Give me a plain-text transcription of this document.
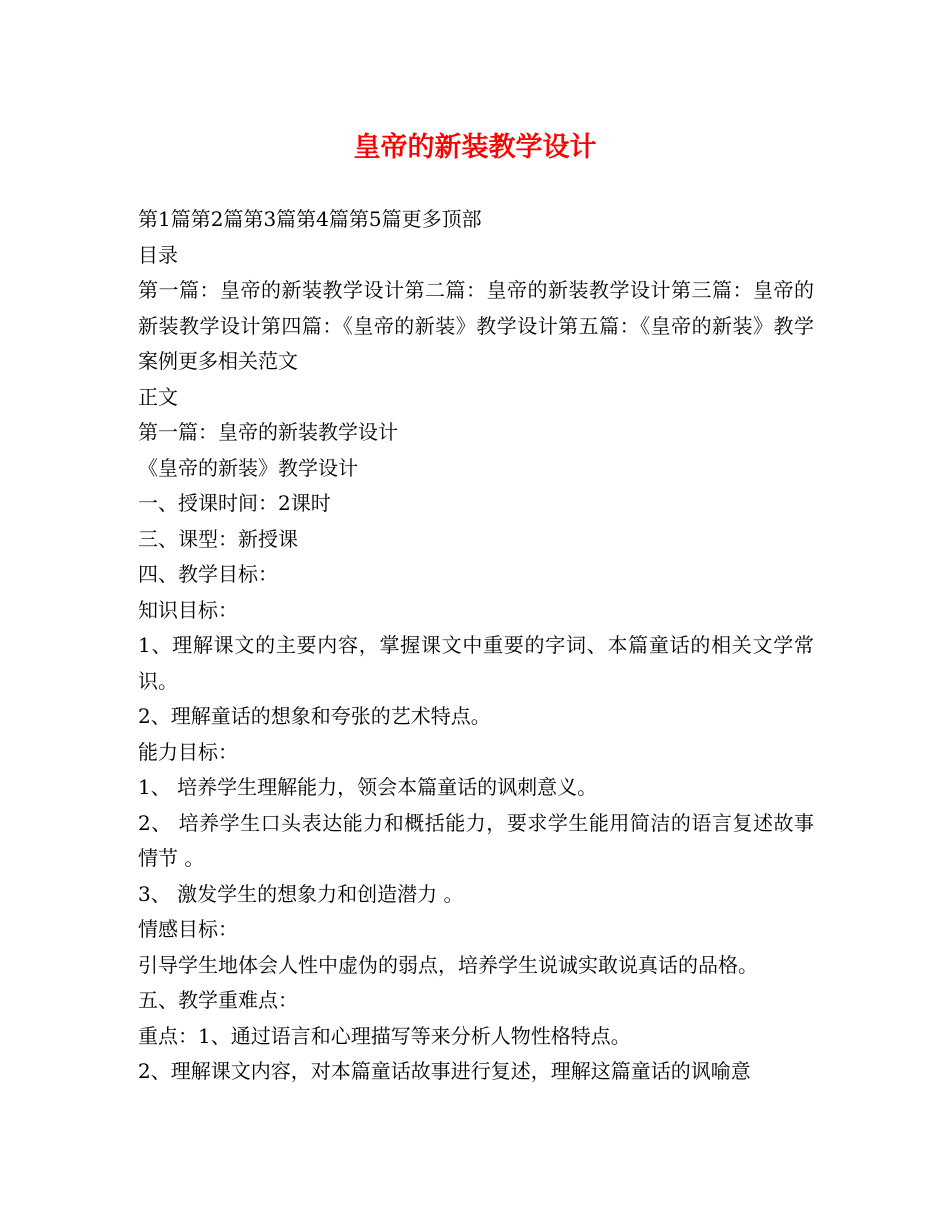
皇帝的新装教学设计

第1篇第2篇第3篇第4篇第5篇更多顶部

目录

第一篇：皇帝的新装教学设计第二篇：皇帝的新装教学设计第三篇：皇帝的新装教学设计第四篇：《皇帝的新装》教学设计第五篇：《皇帝的新装》教学案例更多相关范文

正文

第一篇：皇帝的新装教学设计

《皇帝的新装》教学设计

一、授课时间：2课时

三、课型：新授课

四、教学目标：

知识目标：

1、理解课文的主要内容，掌握课文中重要的字词、本篇童话的相关文学常识。

2、理解童话的想象和夸张的艺术特点。

能力目标：

1、 培养学生理解能力，领会本篇童话的讽刺意义。

2、 培养学生口头表达能力和概括能力，要求学生能用简洁的语言复述故事情节 。

3、 激发学生的想象力和创造潜力 。

情感目标：

引导学生地体会人性中虚伪的弱点，培养学生说诚实敢说真话的品格。

五、教学重难点：

重点：1、通过语言和心理描写等来分析人物性格特点。

2、理解课文内容，对本篇童话故事进行复述，理解这篇童话的讽喻意
